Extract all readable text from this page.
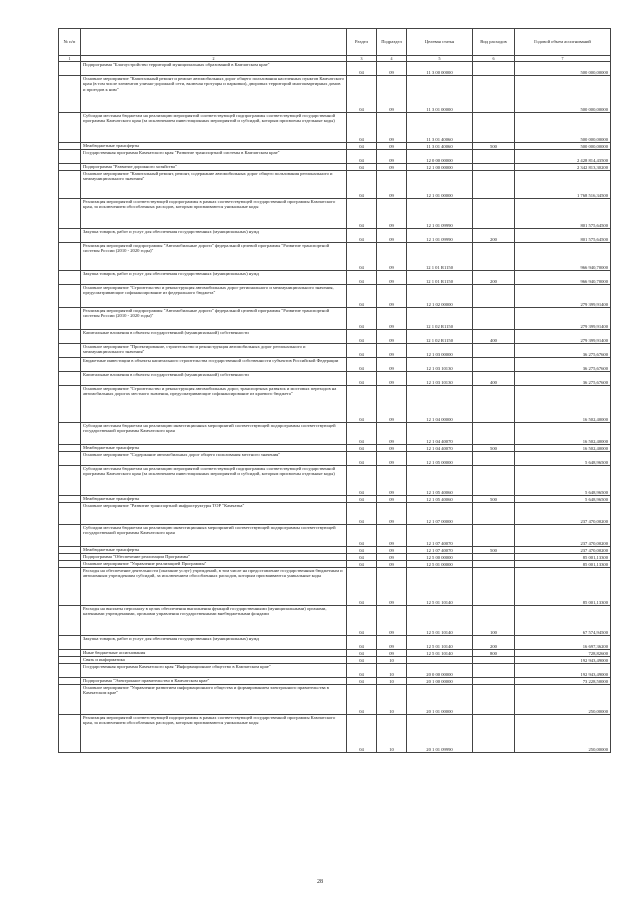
№ п/п		Раздел	Подраздел	Целевая статья	Вид расходов	Годовой объем ассигнований
1	2	3	4	5	6	7
	Подпрограмма "Благоустройство территорий муниципальных образований в Камчатском крае"	04	09	11 3 00 00000		500 000,00000
	Основное мероприятие "Капитальный ремонт и ремонт автомобильных дорог общего пользования населенных пунктов Камчатского края (в том числе элементов улично-дорожной сети, включая тротуары и парковки), дворовых территорий многоквартирных домов и проездов к ним"	04	09	11 3 01 00000		500 000,00000
	Субсидии местным бюджетам на реализацию мероприятий соответствующей подпрограммы соответствующей государственной программы Камчатского края (за исключением инвестиционных мероприятий и субсидий, которым присвоены отдельные коды)	04	09	11 3 01 40060		500 000,00000
	Межбюджетные трансферты	04	09	11 3 01 40060	500	500 000,00000
	Государственная программа Камчатского края "Развитие транспортной системы в Камчатском крае"	04	09	12 0 00 00000		2 428 814,43500
	Подпрограмма "Развитие дорожного хозяйства"	04	09	12 1 00 00000		2 342 813,30200
	Основное мероприятие "Капитальный ремонт, ремонт, содержание автомобильных дорог общего пользования регионального и межмуниципального значения"	04	09	12 1 01 00000		1 768 516,34500
	Реализация мероприятий соответствующей подпрограммы в рамках соответствующей государственной программы Камчатского края, за исключением обособленных расходов, которым присваиваются уникальные коды	04	09	12 1 01 09990		801 575,64500
	Закупка товаров, работ и услуг для обеспечения государственных (муниципальных) нужд	04	09	12 1 01 09990	200	801 575,64500
	Реализация мероприятий подпрограммы "Автомобильные дороги" федеральной целевой программы "Развитие транспортной системы России (2010 - 2020 годы)"	04	09	12 1 01 R1150		966 940,70000
	Закупка товаров, работ и услуг для обеспечения государственных (муниципальных) нужд	04	09	12 1 01 R1150	200	966 940,70000
	Основное мероприятие "Строительство и реконструкция автомобильных дорог регионального и межмуниципального значения, предусматривающие софинансирование из федерального бюджета"	04	09	12 1 02 00000		279 399,91400
	Реализация мероприятий подпрограммы "Автомобильные дороги" федеральной целевой программы "Развитие транспортной системы России (2010 - 2020 годы)"	04	09	12 1 02 R1150		279 399,91400
	Капитальные вложения в объекты государственной (муниципальной) собственности	04	09	12 1 02 R1150	400	279 399,91400
	Основное мероприятие "Проектирование, строительство и реконструкция автомобильных дорог регионального и межмуниципального значения"	04	09	12 1 03 00000		36 275,67600
	Бюджетные инвестиции в объекты капитального строительства государственной собственности субъектов Российской Федерации	04	09	12 1 03 10130		36 275,67600
	Капитальные вложения в объекты государственной (муниципальной) собственности	04	09	12 1 03 10130	400	36 275,67600
	Основное мероприятие "Строительство и реконструкция автомобильных дорог, транспортных развязок и мостовых переходов на автомобильных дорогах местного значения, предусматривающие софинансирование из краевого бюджета"	04	09	12 1 04 00000		16 502,40000
	Субсидии местным бюджетам на реализацию инвестиционных мероприятий соответствующей подпрограммы соответствующей государственной программы Камчатского края	04	09	12 1 04 40070		16 502,40000
	Межбюджетные трансферты	04	09	12 1 04 40070	500	16 502,40000
	Основное мероприятие "Содержание автомобильных дорог общего пользования местного значения"	04	09	12 1 05 00000		5 648,96500
	Субсидии местным бюджетам на реализацию мероприятий соответствующей подпрограммы соответствующей государственной программы Камчатского края (за исключением инвестиционных мероприятий и субсидий, которым присвоены отдельные коды)	04	09	12 1 05 40060		5 648,96500
	Межбюджетные трансферты	04	09	12 1 05 40060	500	5 648,96500
	Основное мероприятие "Развитие транспортной инфраструктуры ТОР "Камчатка"	04	09	12 1 07 00000		237 470,00200
	Субсидии местным бюджетам на реализацию инвестиционных мероприятий соответствующей подпрограммы соответствующей государственной программы Камчатского края	04	09	12 1 07 40070		237 470,00200
	Межбюджетные трансферты	04	09	12 1 07 40070	500	237 470,00200
	Подпрограмма "Обеспечение реализации Программы"	04	09	12 5 00 00000		85 001,13300
	Основное мероприятие "Управление реализацией Программы"	04	09	12 5 01 00000		85 001,13300
	Расходы на обеспечение деятельности (оказание услуг) учреждений, в том числе на предоставление государственным бюджетным и автономным учреждениям субсидий, за исключением обособленных расходов, которым присваиваются уникальные коды	04	09	12 5 01 10140		85 001,13300
	Расходы на выплаты персоналу в целях обеспечения выполнения функций государственными (муниципальными) органами, казенными учреждениями, органами управления государственными внебюджетными фондами	04	09	12 5 01 10140	100	67 574,94500
	Закупка товаров, работ и услуг для обеспечения государственных (муниципальных) нужд	04	09	12 5 01 10140	200	16 697,36200
	Иные бюджетные ассигнования	04	09	12 5 01 10140	800	728,82600
	Связь и информатика	04	10			192 943,49000
	Государственная программа Камчатского края "Информационное общество в Камчатском крае"	04	10	20 0 00 00000		192 943,49000
	Подпрограмма "Электронное правительство в Камчатском крае"	04	10	20 1 00 00000		73 228,50000
	Основное мероприятие "Управление развитием информационного общества и формированием электронного правительства в Камчатском крае"	04	10	20 1 01 00000		250,00000
	Реализация мероприятий соответствующей подпрограммы в рамках соответствующей государственной программы Камчатского края, за исключением обособленных расходов, которым присваиваются уникальные коды	04	10	20 1 01 09990		250,00000
28
